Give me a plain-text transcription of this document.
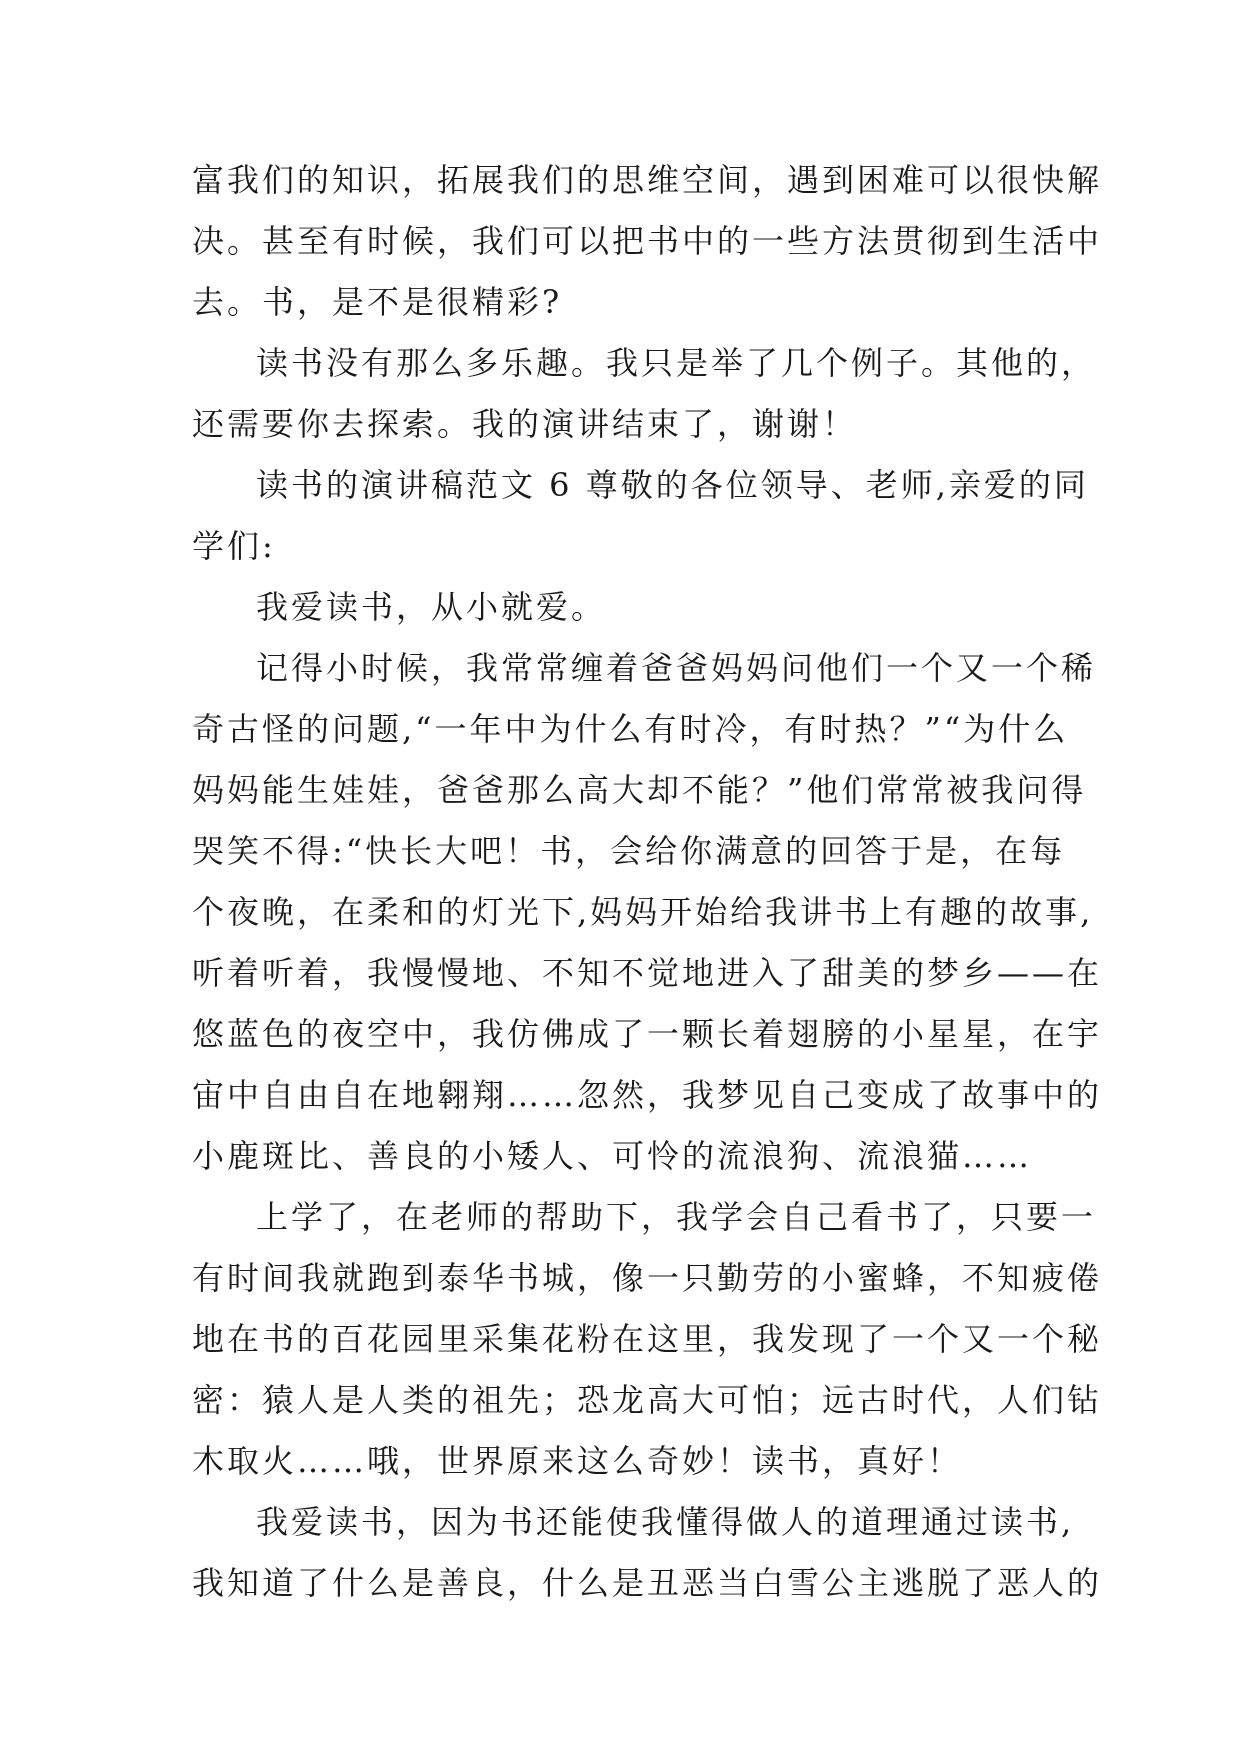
富我们的知识，拓展我们的思维空间，遇到困难可以很快解
决。甚至有时候，我们可以把书中的一些方法贯彻到生活中
去。书，是不是很精彩?
读书没有那么多乐趣。我只是举了几个例子。其他的，
还需要你去探索。我的演讲结束了，谢谢！
读书的演讲稿范文 6 尊敬的各位领导、老师,亲爱的同
学们:
我爱读书，从小就爱。
记得小时候，我常常缠着爸爸妈妈问他们一个又一个稀
奇古怪的问题,“一年中为什么有时冷，有时热？”“为什么
妈妈能生娃娃，爸爸那么高大却不能？”他们常常被我问得
哭笑不得:“快长大吧！书，会给你满意的回答于是，在每
个夜晚，在柔和的灯光下,妈妈开始给我讲书上有趣的故事,
听着听着，我慢慢地、不知不觉地进入了甜美的梦乡——在
悠蓝色的夜空中，我仿佛成了一颗长着翅膀的小星星，在宇
宙中自由自在地翱翔……忽然，我梦见自己变成了故事中的
小鹿斑比、善良的小矮人、可怜的流浪狗、流浪猫……
上学了，在老师的帮助下，我学会自己看书了，只要一
有时间我就跑到泰华书城，像一只勤劳的小蜜蜂，不知疲倦
地在书的百花园里采集花粉在这里，我发现了一个又一个秘
密：猿人是人类的祖先；恐龙高大可怕；远古时代，人们钻
木取火……哦，世界原来这么奇妙！读书，真好！
我爱读书，因为书还能使我懂得做人的道理通过读书,
我知道了什么是善良，什么是丑恶当白雪公主逃脱了恶人的
